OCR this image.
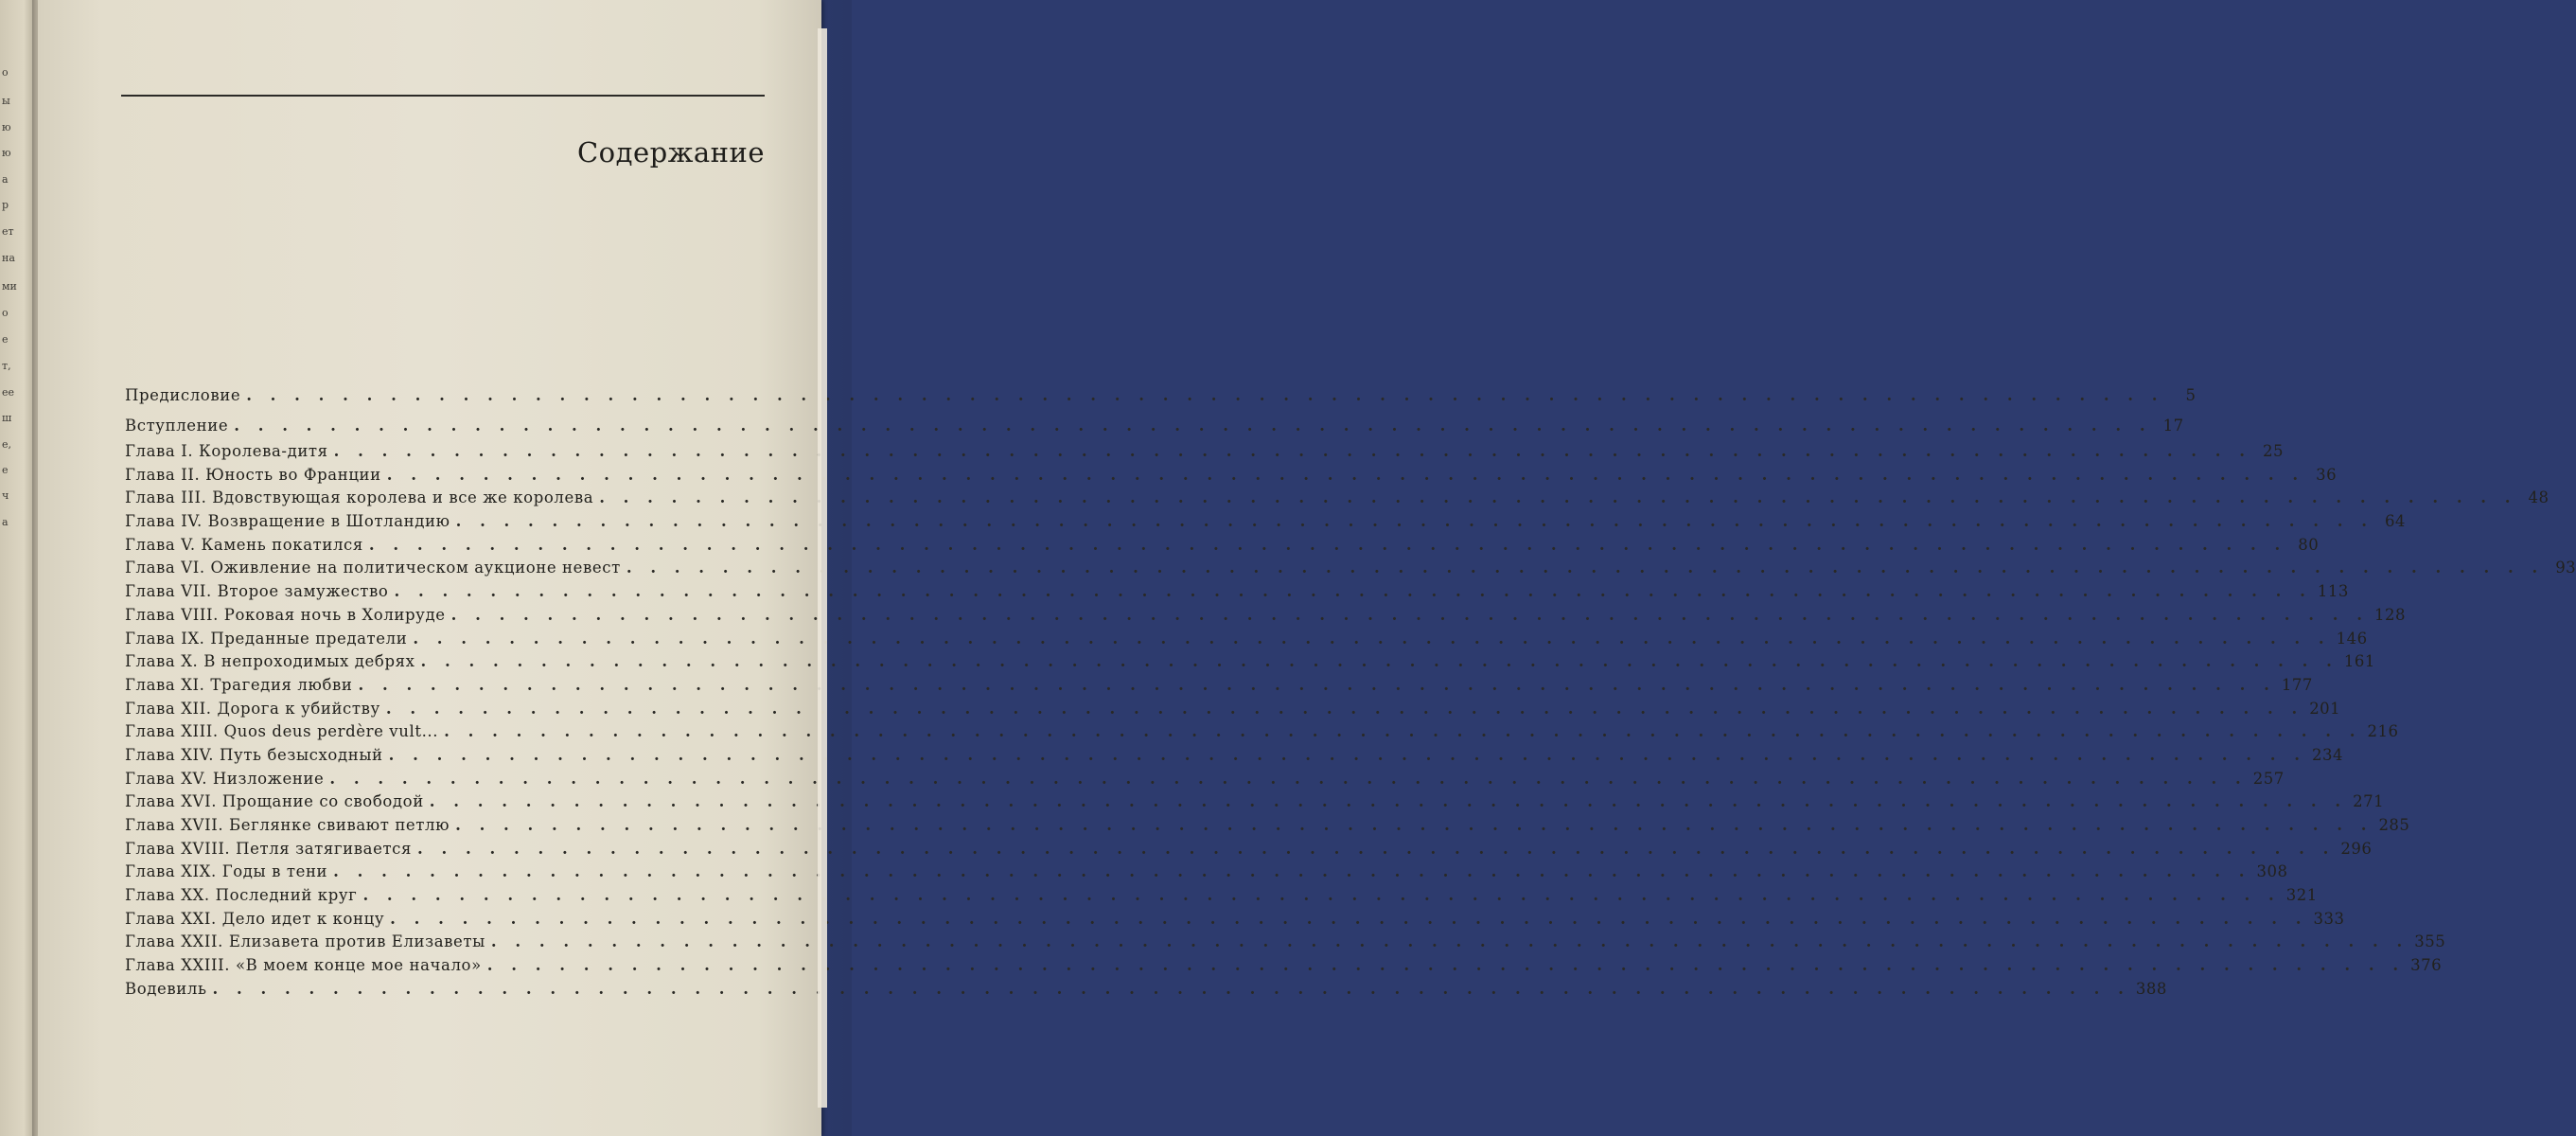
о
ы
ю
ю
а
р
ет
на
ми
о
е
т,
ее
ш
е,
е
ч
а
Содержание
Предисловие . . .	5
Вступление . . .	17
Глава I. Королева-дитя . . .	25
Глава II. Юность во Франции . . .	36
Глава III. Вдовствующая королева и все же королева . . .	48
Глава IV. Возвращение в Шотландию . . .	64
Глава V. Камень покатился . . .	80
Глава VI. Оживление на политическом аукционе невест . . .	93
Глава VII. Второе замужество . . .	113
Глава VIII. Роковая ночь в Холируде . . .	128
Глава IX. Преданные предатели . . .	146
Глава X. В непроходимых дебрях . . .	161
Глава XI. Трагедия любви . . .	177
Глава XII. Дорога к убийству . . .	201
Глава XIII. Quos deus perdère vult... . . .	216
Глава XIV. Путь безысходный . . .	234
Глава XV. Низложение . . .	257
Глава XVI. Прощание со свободой . . .	271
Глава XVII. Беглянке свивают петлю . . .	285
Глава XVIII. Петля затягивается . . .	296
Глава XIX. Годы в тени . . .	308
Глава XX. Последний круг . . .	321
Глава XXI. Дело идет к концу . . .	333
Глава XXII. Елизавета против Елизаветы . . .	355
Глава XXIII. «В моем конце мое начало» . . .	376
Водевиль . . .	388
